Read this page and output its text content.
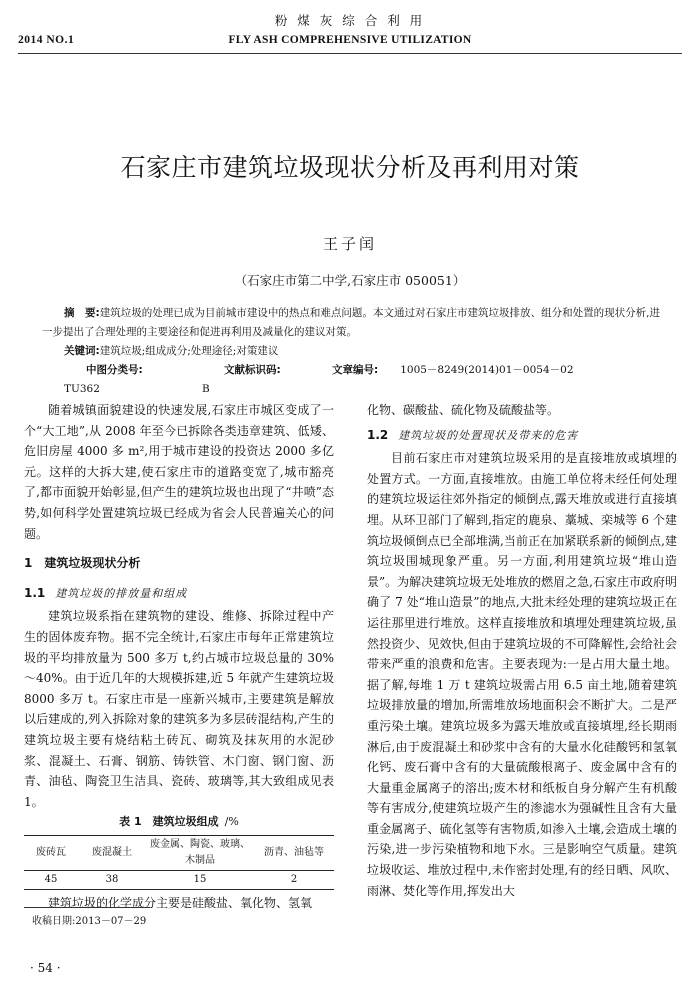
粉 煤 灰 综 合 利 用
FLY ASH COMPREHENSIVE UTILIZATION
2014 NO.1
石家庄市建筑垃圾现状分析及再利用对策
王子闰
（石家庄市第二中学,石家庄市 050051）

摘　要:建筑垃圾的处理已成为目前城市建设中的热点和难点问题。本文通过对石家庄市建筑垃圾排放、组分和处置的现状分析,进一步提出了合理处理的主要途径和促进再利用及减量化的建议对策。

关键词:建筑垃圾;组成成分;处理途径;对策建议

中图分类号:TU362
文献标识码:B
文章编号: 1005－8249(2014)01－0054－02

随着城镇面貌建设的快速发展,石家庄市城区变成了一个“大工地”,从 2008 年至今已拆除各类违章建筑、低矮、危旧房屋 4000 多 m²,用于城市建设的投资达 2000 多亿元。这样的大拆大建,使石家庄市的道路变宽了,城市豁亮了,都市面貌开始彰显,但产生的建筑垃圾也出现了“井喷”态势,如何科学处置建筑垃圾已经成为省会人民普遍关心的问题。

1　建筑垃圾现状分析
1.1 建筑垃圾的排放量和组成

建筑垃圾系指在建筑物的建设、维修、拆除过程中产生的固体废弃物。据不完全统计,石家庄市每年正常建筑垃圾的平均排放量为 500 多万 t,约占城市垃圾总量的 30%～40%。由于近几年的大规模拆建,近 5 年就产生建筑垃圾 8000 多万 t。石家庄市是一座新兴城市,主要建筑是解放以后建成的,列入拆除对象的建筑多为多层砖混结构,产生的建筑垃圾主要有烧结粘土砖瓦、砌筑及抹灰用的水泥砂浆、混凝土、石膏、钢筋、铸铁管、木门窗、钢门窗、沥青、油毡、陶瓷卫生洁具、瓷砖、玻璃等,其大致组成见表 1。

表 1　建筑垃圾组成 /%
废砖瓦	废混凝土	废金属、陶瓷、玻璃、木制品	沥青、油毡等
45	38	15	2

建筑垃圾的化学成分主要是硅酸盐、氧化物、氢氧

化物、碳酸盐、硫化物及硫酸盐等。

1.2 建筑垃圾的处置现状及带来的危害

目前石家庄市对建筑垃圾采用的是直接堆放或填埋的处置方式。一方面,直接堆放。由施工单位将未经任何处理的建筑垃圾运往郊外指定的倾倒点,露天堆放或进行直接填埋。从环卫部门了解到,指定的鹿泉、藁城、栾城等 6 个建筑垃圾倾倒点已全部堆满,当前正在加紧联系新的倾倒点,建筑垃圾围城现象严重。另一方面,利用建筑垃圾“堆山造景”。为解决建筑垃圾无处堆放的燃眉之急,石家庄市政府明确了 7 处“堆山造景”的地点,大批未经处理的建筑垃圾正在运往那里进行堆放。这样直接堆放和填埋处理建筑垃圾,虽然投资少、见效快,但由于建筑垃圾的不可降解性,会给社会带来严重的浪费和危害。主要表现为:一是占用大量土地。据了解,每堆 1 万 t 建筑垃圾需占用 6.5 亩土地,随着建筑垃圾排放量的增加,所需堆放场地面积会不断扩大。二是严重污染土壤。建筑垃圾多为露天堆放或直接填埋,经长期雨淋后,由于废混凝土和砂浆中含有的大量水化硅酸钙和氢氧化钙、废石膏中含有的大量硫酸根离子、废金属中含有的大量重金属离子的溶出;废木材和纸板自身分解产生有机酸等有害成分,使建筑垃圾产生的渗滤水为强碱性且含有大量重金属离子、硫化氢等有害物质,如渗入土壤,会造成土壤的污染,进一步污染植物和地下水。三是影响空气质量。建筑垃圾收运、堆放过程中,未作密封处理,有的经日晒、风吹、雨淋、焚化等作用,挥发出大

收稿日期:2013－07－29
· 54 ·
